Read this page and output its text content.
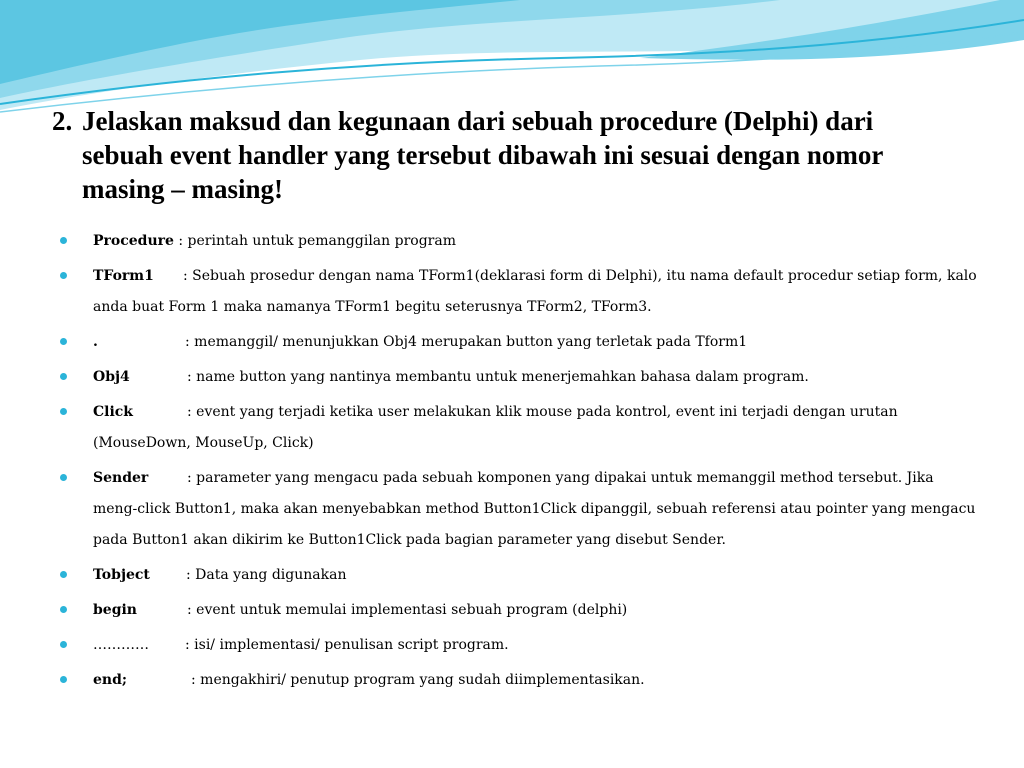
2. Jelaskan maksud dan kegunaan dari sebuah procedure (Delphi) dari sebuah event handler yang tersebut dibawah ini sesuai dengan nomor masing – masing!
Procedure : perintah untuk pemanggilan program
TForm1 : Sebuah prosedur dengan nama TForm1(deklarasi form di Delphi), itu nama default procedur setiap form, kalo anda buat Form 1 maka namanya TForm1 begitu seterusnya TForm2, TForm3.
.	: memanggil/ menunjukkan Obj4 merupakan button yang terletak pada Tform1
Obj4	: name button yang nantinya membantu untuk menerjemahkan bahasa dalam program.
Click	: event yang terjadi ketika user melakukan klik mouse pada kontrol, event ini terjadi dengan urutan (MouseDown, MouseUp, Click)
Sender	: parameter yang mengacu pada sebuah komponen yang dipakai untuk memanggil method tersebut. Jika meng-click Button1, maka akan menyebabkan method Button1Click dipanggil, sebuah referensi atau pointer yang mengacu pada Button1 akan dikirim ke Button1Click pada bagian parameter yang disebut Sender.
Tobject	: Data yang digunakan
begin	: event untuk memulai implementasi sebuah program (delphi)
…………	: isi/ implementasi/ penulisan script program.
end;	: mengakhiri/ penutup program yang sudah diimplementasikan.
